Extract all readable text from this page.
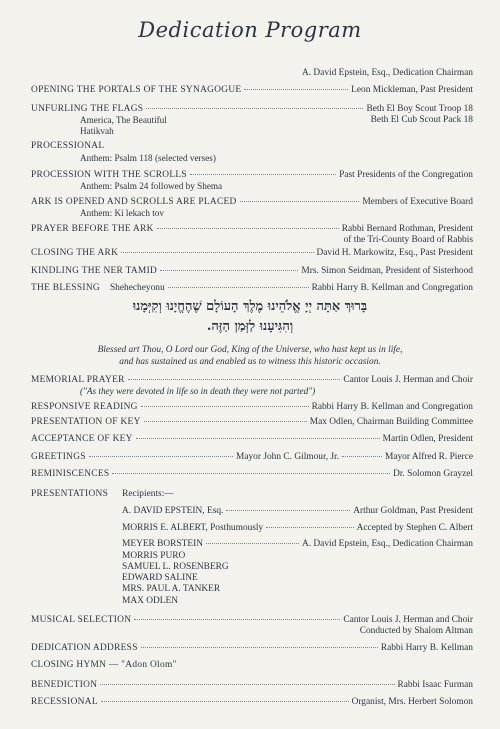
Dedication Program
A. David Epstein, Esq., Dedication Chairman
OPENING THE PORTALS OF THE SYNAGOGUE	Leon Mickleman, Past President
UNFURLING THE FLAGS	Beth El Boy Scout Troop 18
America, The Beautiful	Beth El Cub Scout Pack 18
Hatikvah
PROCESSIONAL
Anthem: Psalm 118 (selected verses)
PROCESSION WITH THE SCROLLS	Past Presidents of the Congregation
Anthem: Psalm 24 followed by Shema
ARK IS OPENED AND SCROLLS ARE PLACED	Members of Executive Board
Anthem: Ki lekach tov
PRAYER BEFORE THE ARK	Rabbi Bernard Rothman, President
of the Tri-County Board of Rabbis
CLOSING THE ARK	David H. Markowitz, Esq., Past President
KINDLING THE NER TAMID	Mrs. Simon Seidman, President of Sisterhood
THE BLESSING Shehecheyonu	Rabbi Harry B. Kellman and Congregation
בָּרוּךְ אַתָּה יְיָ אֱלֹהֵינוּ מֶלֶךְ הָעוֹלָם שֶׁהֶחֱיָנוּ וְקִיְּמָנוּ
וְהִגִּיעָנוּ לַזְּמַן הַזֶּה.
Blessed art Thou, O Lord our God, King of the Universe, who hast kept us in life,
and has sustained us and enabled us to witness this historic occasion.
MEMORIAL PRAYER	Cantor Louis J. Herman and Choir
("As they were devoted in life so in death they were not parted")
RESPONSIVE READING	Rabbi Harry B. Kellman and Congregation
PRESENTATION OF KEY	Max Odlen, Chairman Building Committee
ACCEPTANCE OF KEY	Martin Odlen, President
GREETINGS	Mayor John C. Gilmour, Jr.	Mayor Alfred R. Pierce
REMINISCENCES	Dr. Solomon Grayzel
PRESENTATIONS Recipients:—
A. DAVID EPSTEIN, Esq.	Arthur Goldman, Past President
MORRIS E. ALBERT, Posthumously	Accepted by Stephen C. Albert
MEYER BORSTEIN	A. David Epstein, Esq., Dedication Chairman
MORRIS PURO
SAMUEL L. ROSENBERG
EDWARD SALINE
MRS. PAUL A. TANKER
MAX ODLEN
MUSICAL SELECTION	Cantor Louis J. Herman and Choir
Conducted by Shalom Altman
DEDICATION ADDRESS	Rabbi Harry B. Kellman
CLOSING HYMN — "Adon Olom"
BENEDICTION	Rabbi Isaac Furman
RECESSIONAL	Organist, Mrs. Herbert Solomon
